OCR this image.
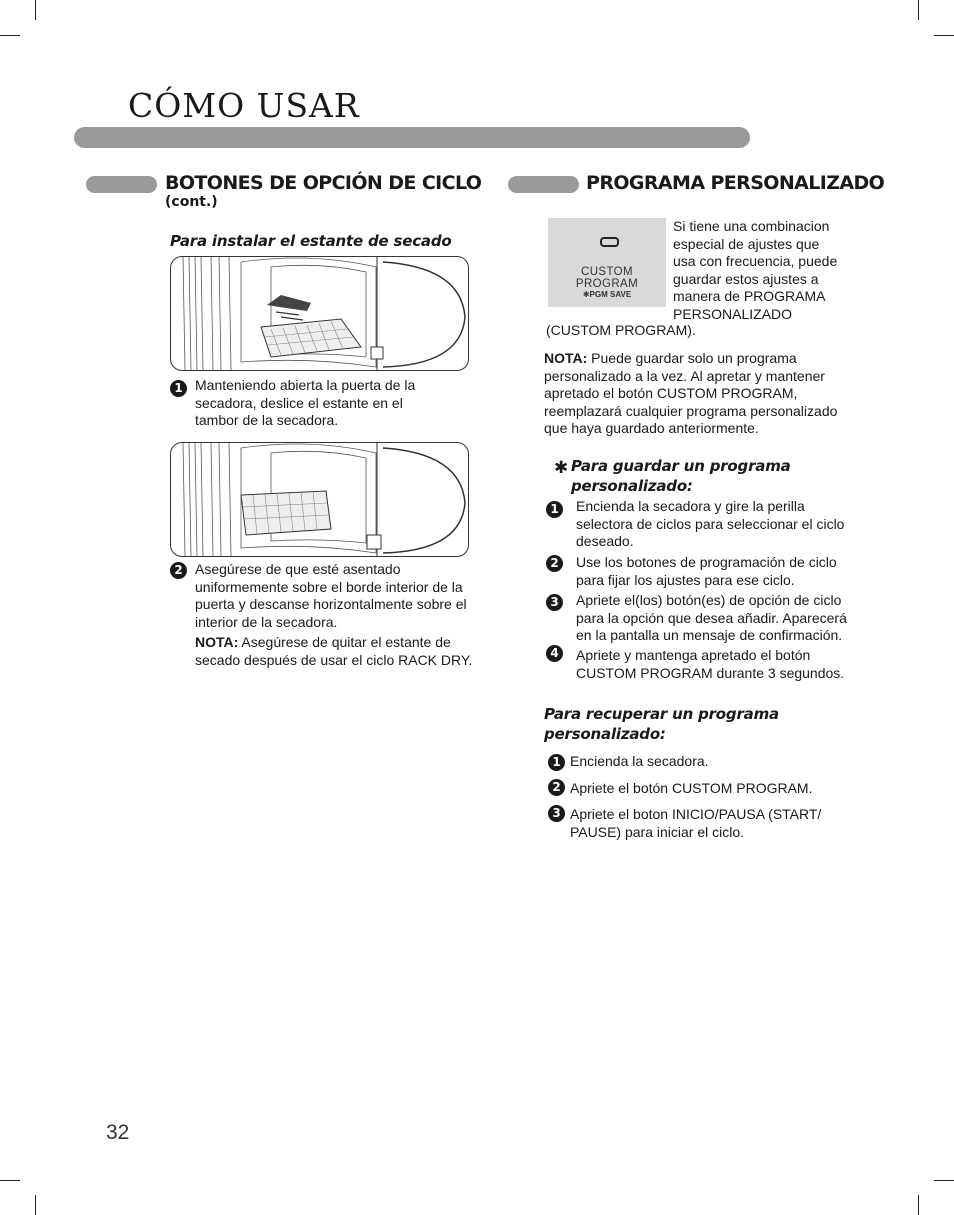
CÓMO USAR
BOTONES DE OPCIÓN DE CICLO
(cont.)
Para instalar el estante de secado
1 Manteniendo abierta la puerta de la
secadora, deslice el estante en el
tambor de la secadora.
2 Asegúrese de que esté asentado
uniformemente sobre el borde interior de la
puerta y descanse horizontalmente sobre el
interior de la secadora.
NOTA: Asegúrese de quitar el estante de
secado después de usar el ciclo RACK DRY.
PROGRAMA PERSONALIZADO
CUSTOM
PROGRAM
✱PGM SAVE
Si tiene una combinacion
especial de ajustes que
usa con frecuencia, puede
guardar estos ajustes a
manera de PROGRAMA
PERSONALIZADO
(CUSTOM PROGRAM).
NOTA: Puede guardar solo un programa
personalizado a la vez. Al apretar y mantener
apretado el botón CUSTOM PROGRAM,
reemplazará cualquier programa personalizado
que haya guardado anteriormente.
✱ Para guardar un programa
personalizado:
1	Encienda la secadora y gire la perilla
selectora de ciclos para seleccionar el ciclo
deseado.
2	Use los botones de programación de ciclo
para fijar los ajustes para ese ciclo.
3	Apriete el(los) botón(es) de opción de ciclo
para la opción que desea añadir. Aparecerá
en la pantalla un mensaje de confirmación.
4	Apriete y mantenga apretado el botón
CUSTOM PROGRAM durante 3 segundos.
Para recuperar un programa
personalizado:
1 Encienda la secadora.
2 Apriete el botón CUSTOM PROGRAM.
3 Apriete el boton INICIO/PAUSA (START/
PAUSE) para iniciar el ciclo.
32
